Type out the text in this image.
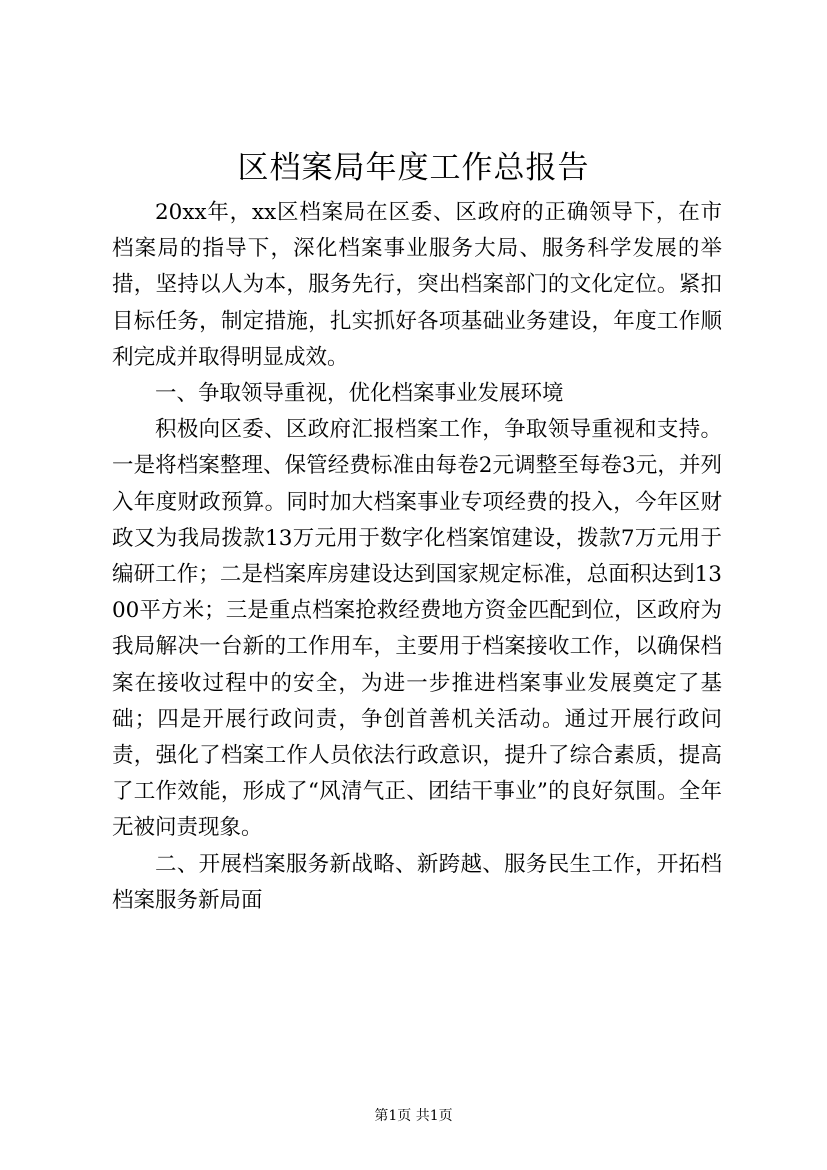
区档案局年度工作总报告

20xx年，xx区档案局在区委、区政府的正确领导下，在市档案局的指导下，深化档案事业服务大局、服务科学发展的举措，坚持以人为本，服务先行，突出档案部门的文化定位。紧扣目标任务，制定措施，扎实抓好各项基础业务建设，年度工作顺利完成并取得明显成效。

一、争取领导重视，优化档案事业发展环境

积极向区委、区政府汇报档案工作，争取领导重视和支持。一是将档案整理、保管经费标准由每卷2元调整至每卷3元，并列入年度财政预算。同时加大档案事业专项经费的投入，今年区财政又为我局拨款13万元用于数字化档案馆建设，拨款7万元用于编研工作；二是档案库房建设达到国家规定标准，总面积达到1300平方米；三是重点档案抢救经费地方资金匹配到位，区政府为我局解决一台新的工作用车，主要用于档案接收工作，以确保档案在接收过程中的安全，为进一步推进档案事业发展奠定了基础；四是开展行政问责，争创首善机关活动。通过开展行政问责，强化了档案工作人员依法行政意识，提升了综合素质，提高了工作效能，形成了“风清气正、团结干事业”的良好氛围。全年无被问责现象。

二、开展档案服务新战略、新跨越、服务民生工作，开拓档档案服务新局面

第1页 共1页
